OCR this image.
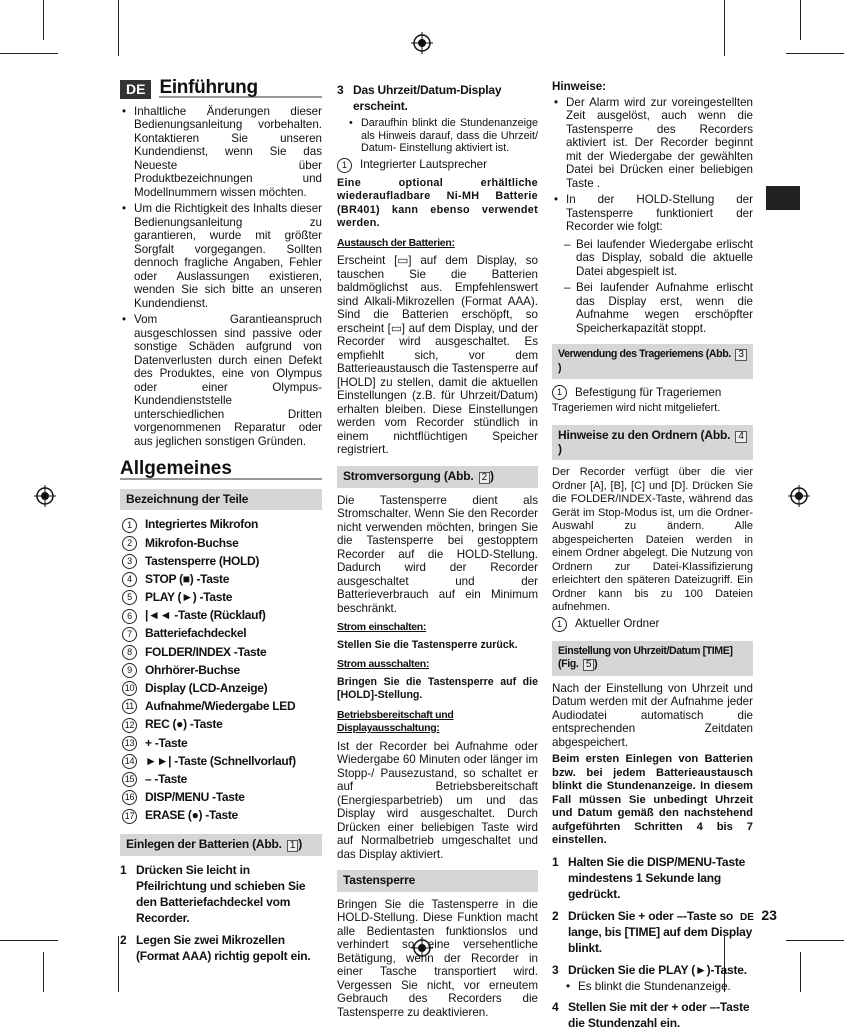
DE Einführung
• Inhaltliche Änderungen dieser Bedienungsanleitung vorbehalten. Kontaktieren Sie unseren Kundendienst, wenn Sie das Neueste über Produktbezeichnungen und Modellnummern wissen möchten.
• Um die Richtigkeit des Inhalts dieser Bedienungsanleitung zu garantieren, wurde mit größter Sorgfalt vorgegangen. Sollten dennoch fragliche Angaben, Fehler oder Auslassungen existieren, wenden Sie sich bitte an unseren Kundendienst.
• Vom Garantieanspruch ausgeschlossen sind passive oder sonstige Schäden aufgrund von Datenverlusten durch einen Defekt des Produktes, eine von Olympus oder einer Olympus-Kundendienststelle unterschiedlichen Dritten vorgenommenen Reparatur oder aus jeglichen sonstigen Gründen.
Allgemeines
Bezeichnung der Teile
1	Integriertes Mikrofon
2	Mikrofon-Buchse
3	Tastensperre (HOLD)
4	STOP (■) -Taste
5	PLAY (►) -Taste
6	|◄◄ -Taste (Rücklauf)
7	Batteriefachdeckel
8	FOLDER/INDEX -Taste
9	Ohrhörer-Buchse
10 Display (LCD-Anzeige)
11 Aufnahme/Wiedergabe LED
12 REC (●) -Taste
13 + -Taste
14 ►►| -Taste (Schnellvorlauf)
15 – -Taste
16 DISP/MENU -Taste
17 ERASE (●) -Taste
Einlegen der Batterien (Abb. 1 )
1 Drücken Sie leicht in Pfeilrichtung und schieben Sie den Batteriefachdeckel vom Recorder.
2 Legen Sie zwei Mikrozellen (Format AAA) richtig gepolt ein.
3 Das Uhrzeit/Datum-Display erscheint.
• Daraufhin blinkt die Stundenanzeige als Hinweis darauf, dass die Uhrzeit/ Datum- Einstellung aktiviert ist.
1	Integrierter Lautsprecher

Eine optional erhältliche wiederaufladbare Ni-MH Batterie (BR401) kann ebenso verwendet werden.

Austausch der Batterien:

Erscheint [▭] auf dem Display, so tauschen Sie die Batterien baldmöglichst aus. Empfehlenswert sind Alkali-Mikrozellen (Format AAA). Sind die Batterien erschöpft, so erscheint [▭] auf dem Display, und der Recorder wird ausgeschaltet. Es empfiehlt sich, vor dem Batterieaustausch die Tastensperre auf [HOLD] zu stellen, damit die aktuellen Einstellungen (z.B. für Uhrzeit/Datum) erhalten bleiben. Diese Einstellungen werden vom Recorder stündlich in einem nichtflüchtigen Speicher registriert.

Stromversorgung (Abb. 2 )

Die Tastensperre dient als Stromschalter. Wenn Sie den Recorder nicht verwenden möchten, bringen Sie die Tastensperre bei gestopptem Recorder auf die HOLD-Stellung. Dadurch wird der Recorder ausgeschaltet und der Batterieverbrauch auf ein Minimum beschränkt.

Strom einschalten:

Stellen Sie die Tastensperre zurück.

Strom ausschalten:

Bringen Sie die Tastensperre auf die [HOLD]-Stellung.

Betriebsbereitschaft und Displayausschaltung:

Ist der Recorder bei Aufnahme oder Wiedergabe 60 Minuten oder länger im Stopp-/ Pausezustand, so schaltet er auf Betriebsbereitschaft (Energiesparbetrieb) um und das Display wird ausgeschaltet. Durch Drücken einer beliebigen Taste wird auf Normalbetrieb umgeschaltet und das Display aktiviert.

Tastensperre

Bringen Sie die Tastensperre in die HOLD-Stellung. Diese Funktion macht alle Bedientasten funktionslos und verhindert so eine versehentliche Betätigung, wenn der Recorder in einer Tasche transportiert wird. Vergessen Sie nicht, vor erneutem Gebrauch des Recorders die Tastensperre zu deaktivieren.

Hinweise:
• Der Alarm wird zur voreingestellten Zeit ausgelöst, auch wenn die Tastensperre des Recorders aktiviert ist. Der Recorder beginnt mit der Wiedergabe der gewählten Datei bei Drücken einer beliebigen Taste .
• In der HOLD-Stellung der Tastensperre funktioniert der Recorder wie folgt:
– Bei laufender Wiedergabe erlischt das Display, sobald die aktuelle Datei abgespielt ist.
– Bei laufender Aufnahme erlischt das Display erst, wenn die Aufnahme wegen erschöpfter Speicherkapazität stoppt.
Verwendung des Trageriemens (Abb. 3)
1	Befestigung für Trageriemen

Trageriemen wird nicht mitgeliefert.

Hinweise zu den Ordnern (Abb. 4)

Der Recorder verfügt über die vier Ordner [A], [B], [C] und [D]. Drücken Sie die FOLDER/INDEX-Taste, während das Gerät im Stop-Modus ist, um die Ordner-Auswahl zu ändern. Alle abgespeicherten Dateien werden in einem Ordner abgelegt. Die Nutzung von Ordnern zur Datei-Klassifizierung erleichtert den späteren Dateizugriff. Ein Ordner kann bis zu 100 Dateien aufnehmen.

1	Aktueller Ordner
Einstellung von Uhrzeit/Datum [TIME] (Fig. 5 )

Nach der Einstellung von Uhrzeit und Datum werden mit der Aufnahme jeder Audiodatei automatisch die entsprechenden Zeitdaten abgespeichert.

Beim ersten Einlegen von Batterien bzw. bei jedem Batterieaustausch blinkt die Stundenanzeige. In diesem Fall müssen Sie unbedingt Uhrzeit und Datum gemäß den nachstehend aufgeführten Schritten 4 bis 7 einstellen.

1 Halten Sie die DISP/MENU-Taste mindestens 1 Sekunde lang gedrückt.
2 Drücken Sie + oder –-Taste so lange, bis [TIME] auf dem Display blinkt.
3 Drücken Sie die PLAY (►)-Taste.
• Es blinkt die Stundenanzeige.
4 Stellen Sie mit der + oder –-Taste die Stundenzahl ein.
DE 23
